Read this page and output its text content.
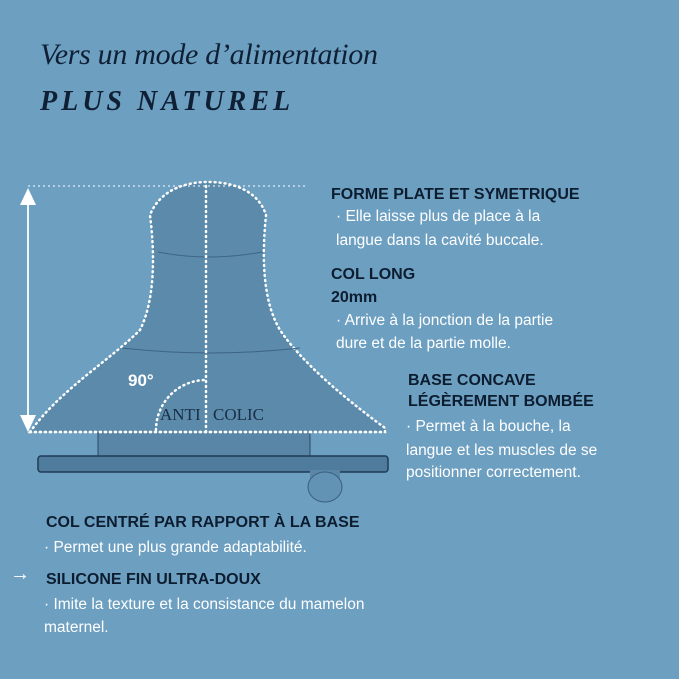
Vers un mode d’alimentation
PLUS NATUREL
90°
ANTI COLIC
FORME PLATE ET SYMETRIQUE
· Elle laisse plus de place à la
langue dans la cavité buccale.
COL LONG
20mm
· Arrive à la jonction de la partie
dure et de la partie molle.
BASE CONCAVE
LÉGÈREMENT BOMBÉE
· Permet à la bouche, la
langue et les muscles de se
positionner correctement.
COL CENTRÉ PAR RAPPORT À LA BASE
· Permet une plus grande adaptabilité.
→ SILICONE FIN ULTRA-DOUX
· Imite la texture et la consistance du mamelon
maternel.
